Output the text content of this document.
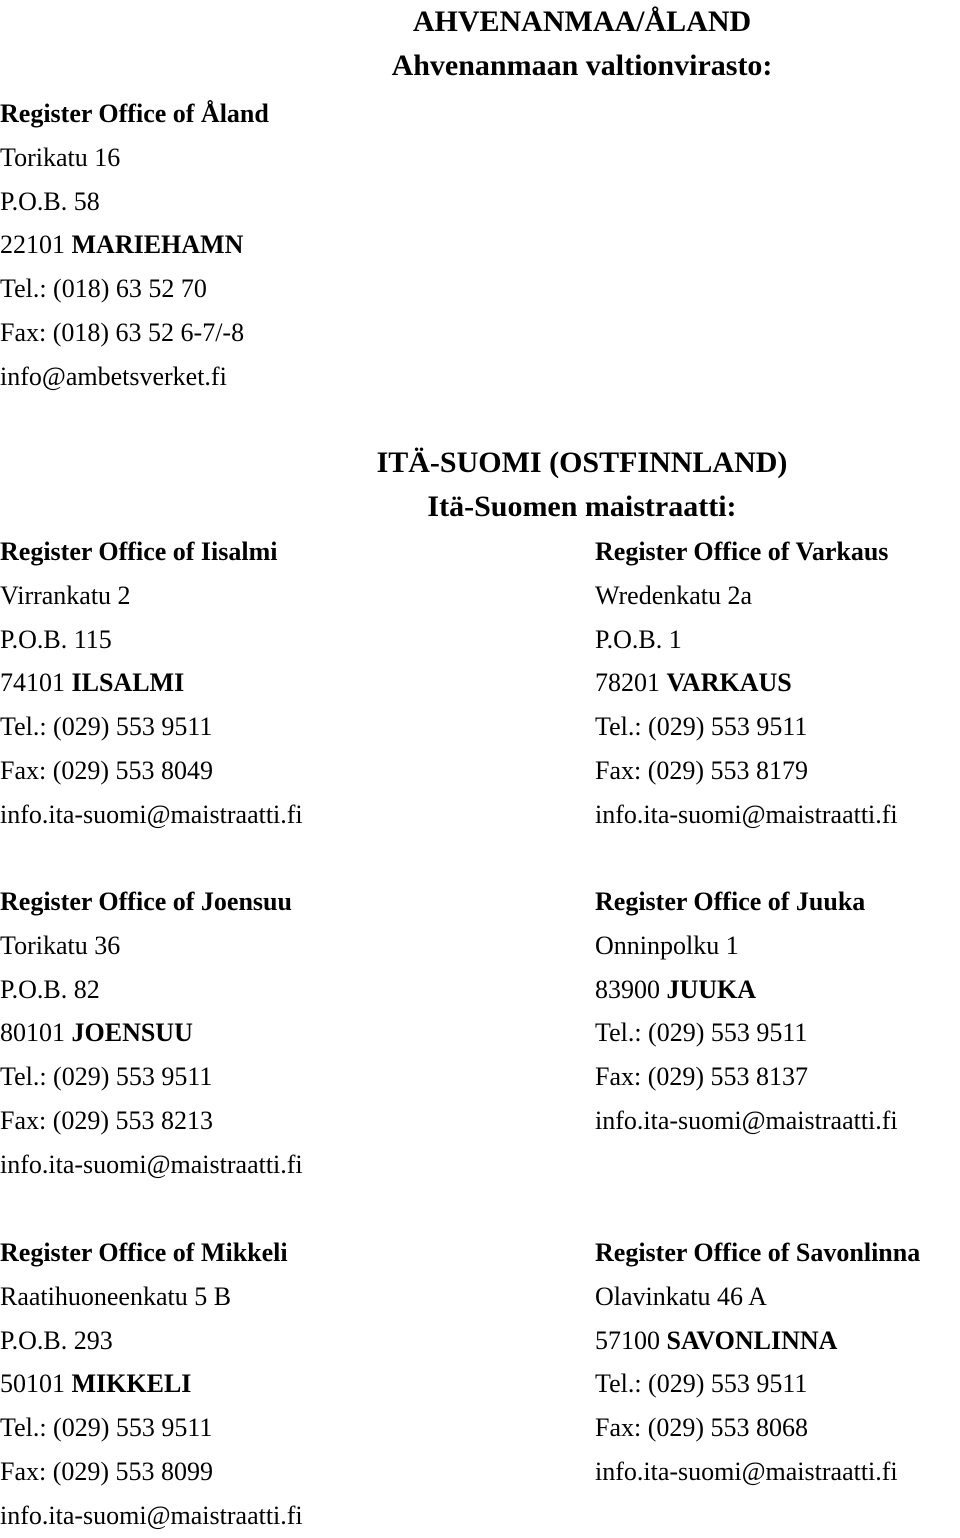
AHVENANMAA/ÅLAND
Ahvenanmaan valtionvirasto:
Register Office of Åland
Torikatu 16
P.O.B. 58
22101 MARIEHAMN
Tel.: (018) 63 52 70
Fax: (018) 63 52 6-7/-8
info@ambetsverket.fi
ITÄ-SUOMI (OSTFINNLAND)
Itä-Suomen maistraatti:
Register Office of Iisalmi
Virrankatu 2
P.O.B. 115
74101 ILSALMI
Tel.: (029) 553 9511
Fax: (029) 553 8049
info.ita-suomi@maistraatti.fi
Register Office of Varkaus
Wredenkatu 2a
P.O.B. 1
78201 VARKAUS
Tel.: (029) 553 9511
Fax: (029) 553 8179
info.ita-suomi@maistraatti.fi
Register Office of Joensuu
Torikatu 36
P.O.B. 82
80101 JOENSUU
Tel.: (029) 553 9511
Fax: (029) 553 8213
info.ita-suomi@maistraatti.fi
Register Office of Juuka
Onninpolku 1
83900 JUUKA
Tel.: (029) 553 9511
Fax: (029) 553 8137
info.ita-suomi@maistraatti.fi
Register Office of Mikkeli
Raatihuoneenkatu 5 B
P.O.B. 293
50101 MIKKELI
Tel.: (029) 553 9511
Fax: (029) 553 8099
info.ita-suomi@maistraatti.fi
Register Office of Savonlinna
Olavinkatu 46 A
57100 SAVONLINNA
Tel.: (029) 553 9511
Fax: (029) 553 8068
info.ita-suomi@maistraatti.fi
